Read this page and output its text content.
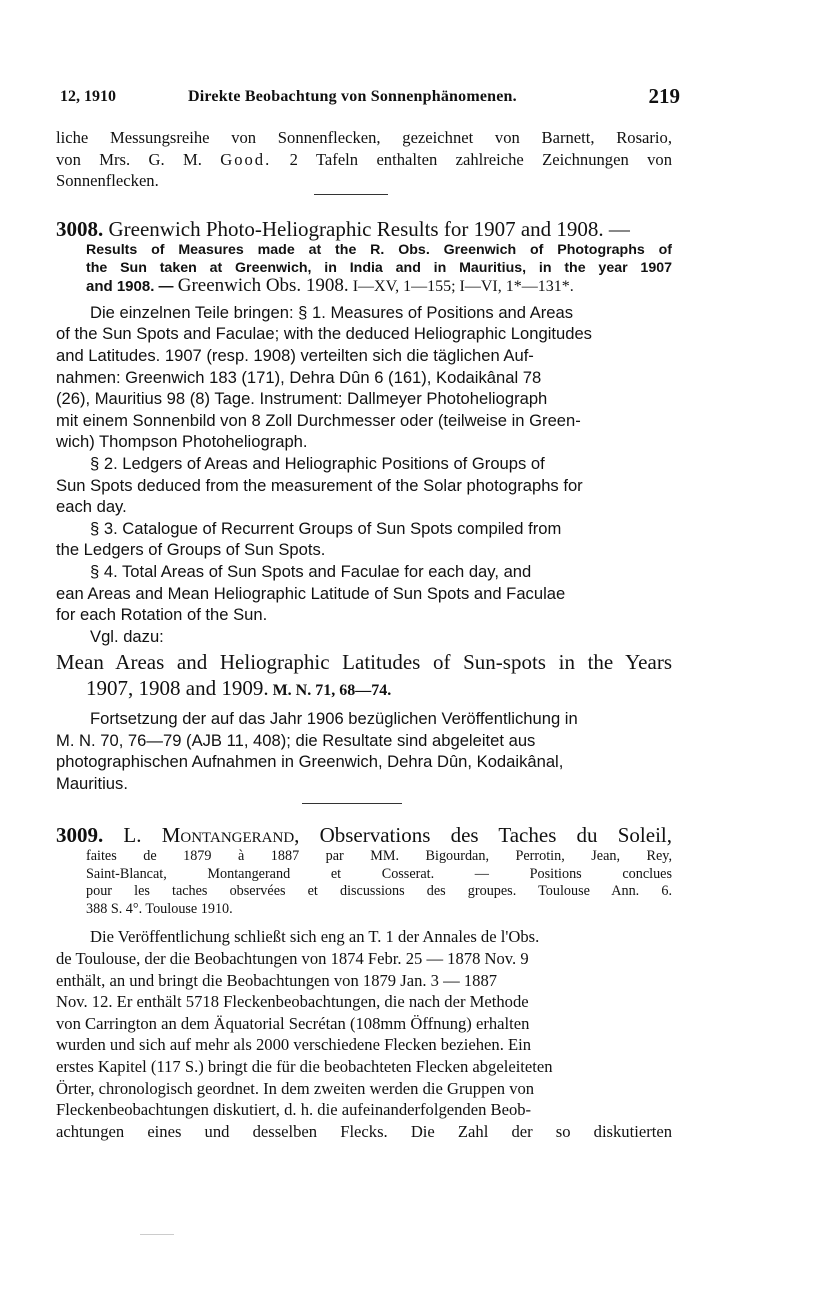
12, 1910	Direkte Beobachtung von Sonnenphänomenen.	219

liche Messungsreihe von Sonnenflecken, gezeichnet von Barnett, Rosario,

von Mrs. G. M. Good. 2 Tafeln enthalten zahlreiche Zeichnungen von

Sonnenflecken.

3008. Greenwich Photo-Heliographic Results for 1907 and 1908. —

Results of Measures made at the R. Obs. Greenwich of Photographs of

the Sun taken at Greenwich, in India and in Mauritius, in the year 1907

and 1908. — Greenwich Obs. 1908. I—XV, 1—155; I—VI, 1*—131*.

Die einzelnen Teile bringen: § 1. Measures of Positions and Areas

of the Sun Spots and Faculae; with the deduced Heliographic Longitudes

and Latitudes. 1907 (resp. 1908) verteilten sich die täglichen Auf-

nahmen: Greenwich 183 (171), Dehra Dûn 6 (161), Kodaikânal 78

(26), Mauritius 98 (8) Tage. Instrument: Dallmeyer Photoheliograph

mit einem Sonnenbild von 8 Zoll Durchmesser oder (teilweise in Green-

wich) Thompson Photoheliograph.

§ 2. Ledgers of Areas and Heliographic Positions of Groups of

Sun Spots deduced from the measurement of the Solar photographs for

each day.

§ 3. Catalogue of Recurrent Groups of Sun Spots compiled from

the Ledgers of Groups of Sun Spots.

§ 4. Total Areas of Sun Spots and Faculae for each day, and

ean Areas and Mean Heliographic Latitude of Sun Spots and Faculae

for each Rotation of the Sun.

Vgl. dazu:

Mean Areas and Heliographic Latitudes of Sun-spots in the Years

1907, 1908 and 1909. M. N. 71, 68—74.

Fortsetzung der auf das Jahr 1906 bezüglichen Veröffentlichung in

M. N. 70, 76—79 (AJB 11, 408); die Resultate sind abgeleitet aus

photographischen Aufnahmen in Greenwich, Dehra Dûn, Kodaikânal,

Mauritius.

3009. L. Montangerand, Observations des Taches du Soleil,

faites de 1879 à 1887 par MM. Bigourdan, Perrotin, Jean, Rey,

Saint-Blancat, Montangerand et Cosserat. — Positions conclues

pour les taches observées et discussions des groupes. Toulouse Ann. 6.

388 S. 4°. Toulouse 1910.

Die Veröffentlichung schließt sich eng an T. 1 der Annales de l'Obs.

de Toulouse, der die Beobachtungen von 1874 Febr. 25 — 1878 Nov. 9

enthält, an und bringt die Beobachtungen von 1879 Jan. 3 — 1887

Nov. 12. Er enthält 5718 Fleckenbeobachtungen, die nach der Methode

von Carrington an dem Äquatorial Secrétan (108mm Öffnung) erhalten

wurden und sich auf mehr als 2000 verschiedene Flecken beziehen. Ein

erstes Kapitel (117 S.) bringt die für die beobachteten Flecken abgeleiteten

Örter, chronologisch geordnet. In dem zweiten werden die Gruppen von

Fleckenbeobachtungen diskutiert, d. h. die aufeinanderfolgenden Beob-

achtungen eines und desselben Flecks. Die Zahl der so diskutierten
